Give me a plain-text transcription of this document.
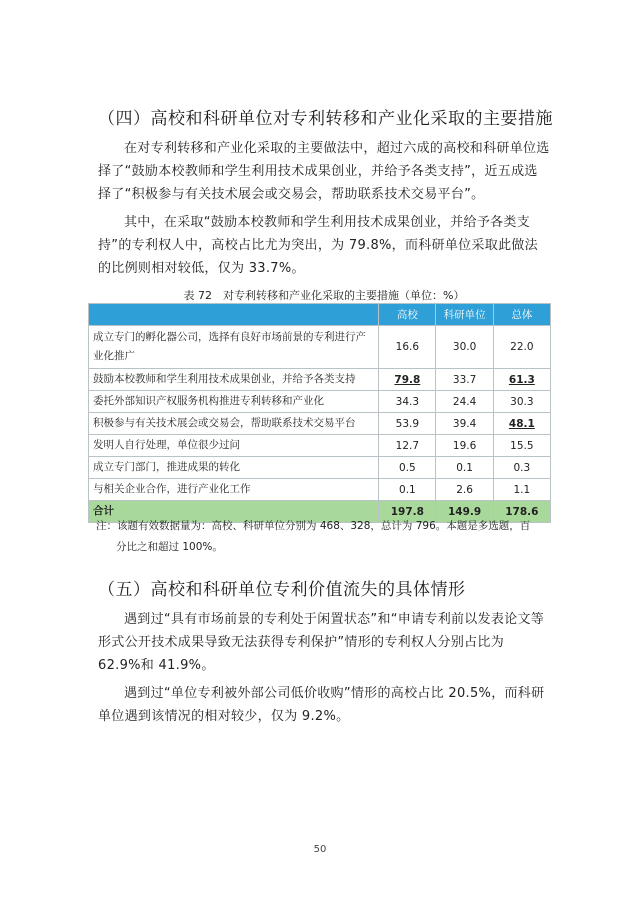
（四）高校和科研单位对专利转移和产业化采取的主要措施
在对专利转移和产业化采取的主要做法中，超过六成的高校和科研单位选择了“鼓励本校教师和学生利用技术成果创业，并给予各类支持”，近五成选择了“积极参与有关技术展会或交易会，帮助联系技术交易平台”。
其中，在采取“鼓励本校教师和学生利用技术成果创业，并给予各类支持”的专利权人中，高校占比尤为突出，为 79.8%，而科研单位采取此做法的比例则相对较低，仅为 33.7%。
表 72　对专利转移和产业化采取的主要措施（单位：%）
	高校	科研单位	总体
成立专门的孵化器公司，选择有良好市场前景的专利进行产业化推广	16.6	30.0	22.0
鼓励本校教师和学生利用技术成果创业，并给予各类支持	79.8	33.7	61.3
委托外部知识产权服务机构推进专利转移和产业化	34.3	24.4	30.3
积极参与有关技术展会或交易会，帮助联系技术交易平台	53.9	39.4	48.1
发明人自行处理，单位很少过问	12.7	19.6	15.5
成立专门部门，推进成果的转化	0.5	0.1	0.3
与相关企业合作，进行产业化工作	0.1	2.6	1.1
合计	197.8	149.9	178.6
注：该题有效数据量为：高校、科研单位分别为 468、328，总计为 796。本题是多选题，百
分比之和超过 100%。
（五）高校和科研单位专利价值流失的具体情形
遇到过“具有市场前景的专利处于闲置状态”和“申请专利前以发表论文等形式公开技术成果导致无法获得专利保护”情形的专利权人分别占比为 62.9%和 41.9%。
遇到过“单位专利被外部公司低价收购”情形的高校占比 20.5%，而科研单位遇到该情况的相对较少，仅为 9.2%。
50
